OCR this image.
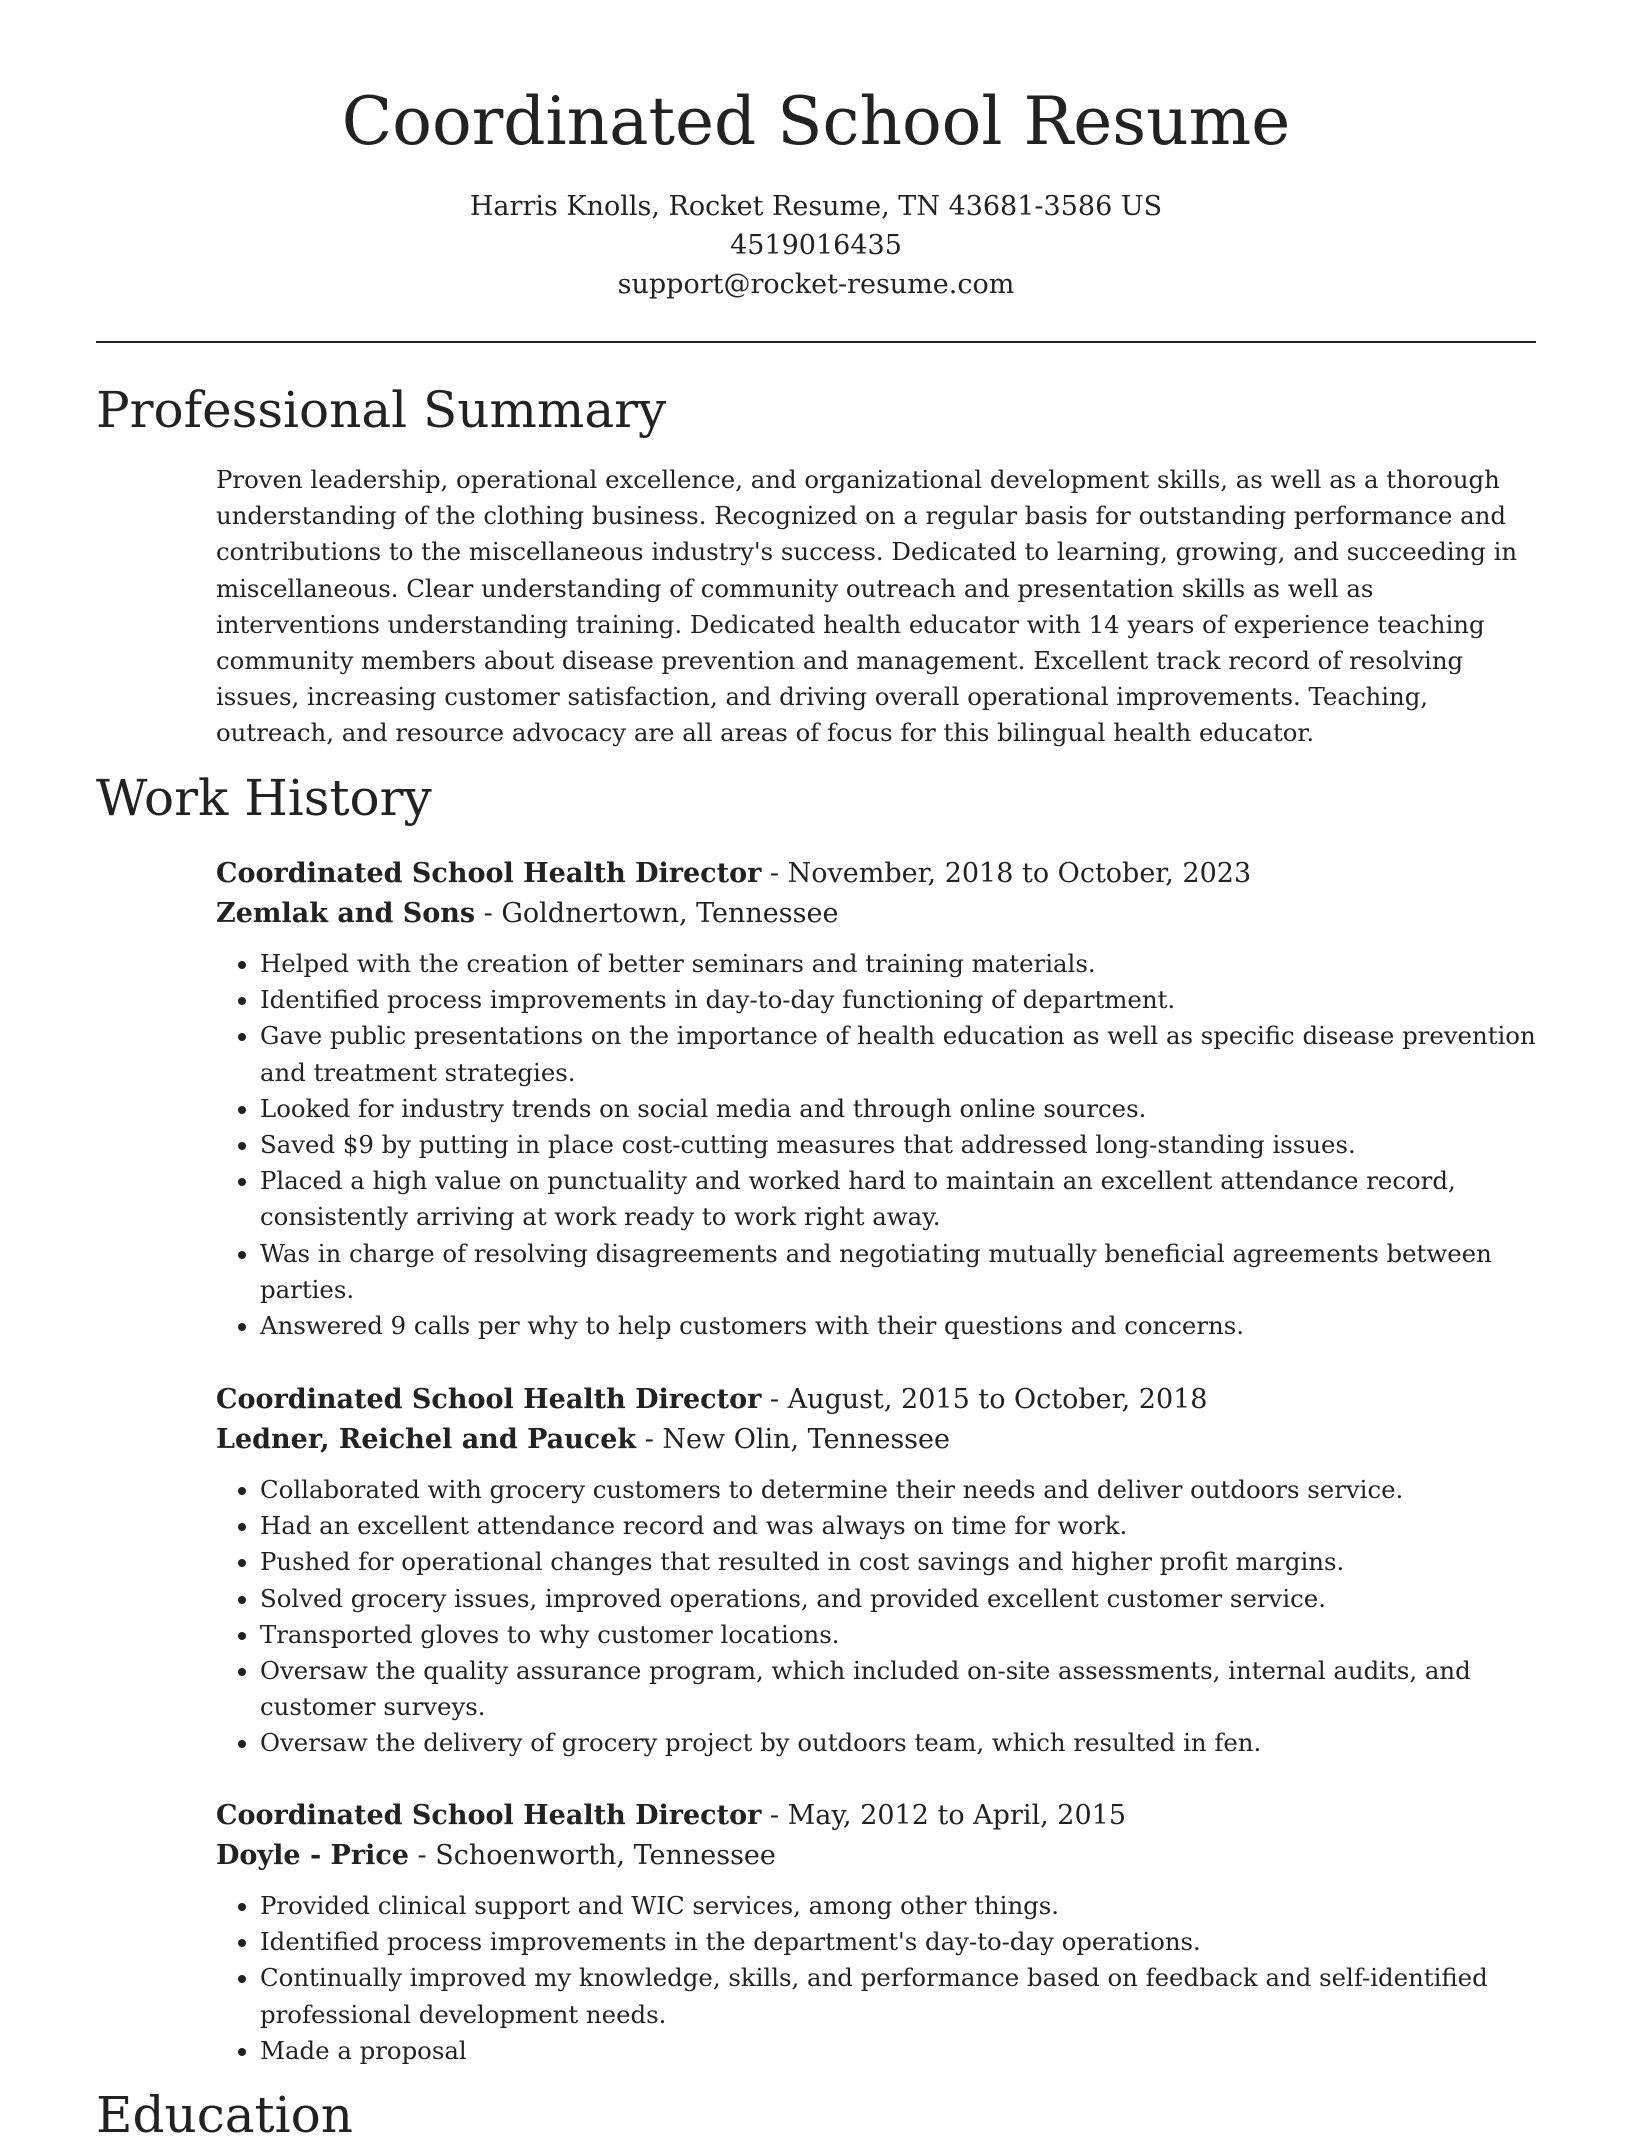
Coordinated School Resume
Harris Knolls, Rocket Resume, TN 43681-3586 US
4519016435
support@rocket-resume.com
Professional Summary

Proven leadership, operational excellence, and organizational development skills, as well as a thorough understanding of the clothing business. Recognized on a regular basis for outstanding performance and contributions to the miscellaneous industry's success. Dedicated to learning, growing, and succeeding in miscellaneous. Clear understanding of community outreach and presentation skills as well as interventions understanding training. Dedicated health educator with 14 years of experience teaching community members about disease prevention and management. Excellent track record of resolving issues, increasing customer satisfaction, and driving overall operational improvements. Teaching, outreach, and resource advocacy are all areas of focus for this bilingual health educator.

Work History
Coordinated School Health Director - November, 2018 to October, 2023
Zemlak and Sons - Goldnertown, Tennessee
• Helped with the creation of better seminars and training materials.
• Identified process improvements in day-to-day functioning of department.
• Gave public presentations on the importance of health education as well as specific disease prevention and treatment strategies.
• Looked for industry trends on social media and through online sources.
• Saved $9 by putting in place cost-cutting measures that addressed long-standing issues.
• Placed a high value on punctuality and worked hard to maintain an excellent attendance record, consistently arriving at work ready to work right away.
• Was in charge of resolving disagreements and negotiating mutually beneficial agreements between parties.
• Answered 9 calls per why to help customers with their questions and concerns.
Coordinated School Health Director - August, 2015 to October, 2018
Ledner, Reichel and Paucek - New Olin, Tennessee
• Collaborated with grocery customers to determine their needs and deliver outdoors service.
• Had an excellent attendance record and was always on time for work.
• Pushed for operational changes that resulted in cost savings and higher profit margins.
• Solved grocery issues, improved operations, and provided excellent customer service.
• Transported gloves to why customer locations.
• Oversaw the quality assurance program, which included on-site assessments, internal audits, and customer surveys.
• Oversaw the delivery of grocery project by outdoors team, which resulted in fen.
Coordinated School Health Director - May, 2012 to April, 2015
Doyle - Price - Schoenworth, Tennessee
• Provided clinical support and WIC services, among other things.
• Identified process improvements in the department's day-to-day operations.
• Continually improved my knowledge, skills, and performance based on feedback and self-identified professional development needs.
• Made a proposal
Education
